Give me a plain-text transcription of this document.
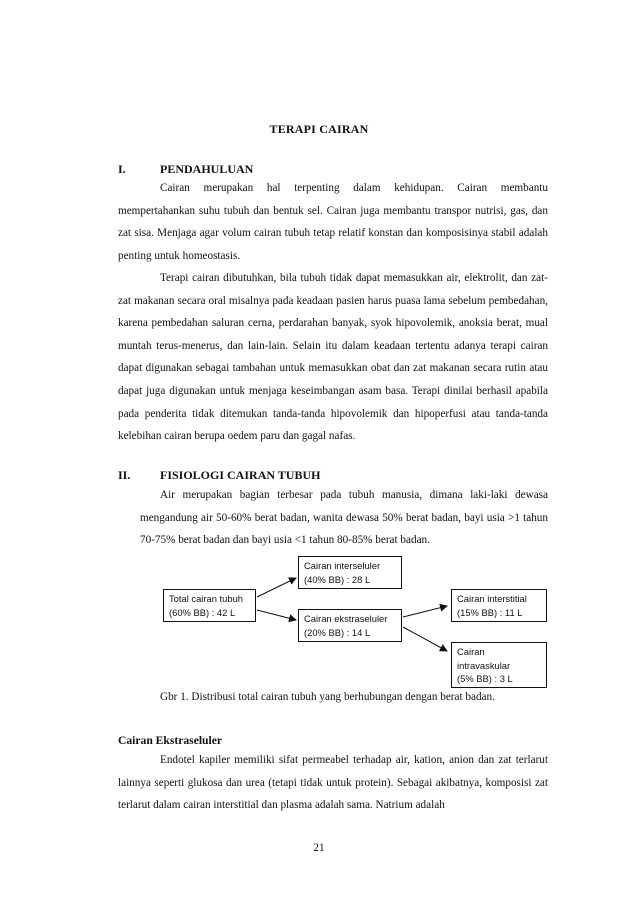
TERAPI CAIRAN
I.	PENDAHULUAN

Cairan merupakan hal terpenting dalam kehidupan. Cairan membantu mempertahankan suhu tubuh dan bentuk sel. Cairan juga membantu transpor nutrisi, gas, dan zat sisa. Menjaga agar volum cairan tubuh tetap relatif konstan dan komposisinya stabil adalah penting untuk homeostasis.

Terapi cairan dibutuhkan, bila tubuh tidak dapat memasukkan air, elektrolit, dan zat-zat makanan secara oral misalnya pada keadaan pasien harus puasa lama sebelum pembedahan, karena pembedahan saluran cerna, perdarahan banyak, syok hipovolemik, anoksia berat, mual muntah terus-menerus, dan lain-lain. Selain itu dalam keadaan tertentu adanya terapi cairan dapat digunakan sebagai tambahan untuk memasukkan obat dan zat makanan secara rutin atau dapat juga digunakan untuk menjaga keseimbangan asam basa. Terapi dinilai berhasil apabila pada penderita tidak ditemukan tanda-tanda hipovolemik dan hipoperfusi atau tanda-tanda kelebihan cairan berupa oedem paru dan gagal nafas.

II. FISIOLOGI CAIRAN TUBUH

Air merupakan bagian terbesar pada tubuh manusia, dimana laki-laki dewasa mengandung air 50-60% berat badan, wanita dewasa 50% berat badan, bayi usia >1 tahun 70-75% berat badan dan bayi usia <1 tahun 80-85% berat badan.

Total cairan tubuh
(60% BB) : 42 L
Cairan interseluler
(40% BB) : 28 L
Cairan ekstraseluler
(20% BB) : 14 L
Cairan interstitial
(15% BB) : 11 L
Cairan
intravaskular
(5% BB) : 3 L
Gbr 1. Distribusi total cairan tubuh yang berhubungan dengan berat badan.
Cairan Ekstraseluler

Endotel kapiler memiliki sifat permeabel terhadap air, kation, anion dan zat terlarut lainnya seperti glukosa dan urea (tetapi tidak untuk protein). Sebagai akibatnya, komposisi zat terlarut dalam cairan interstitial dan plasma adalah sama. Natrium adalah

21
